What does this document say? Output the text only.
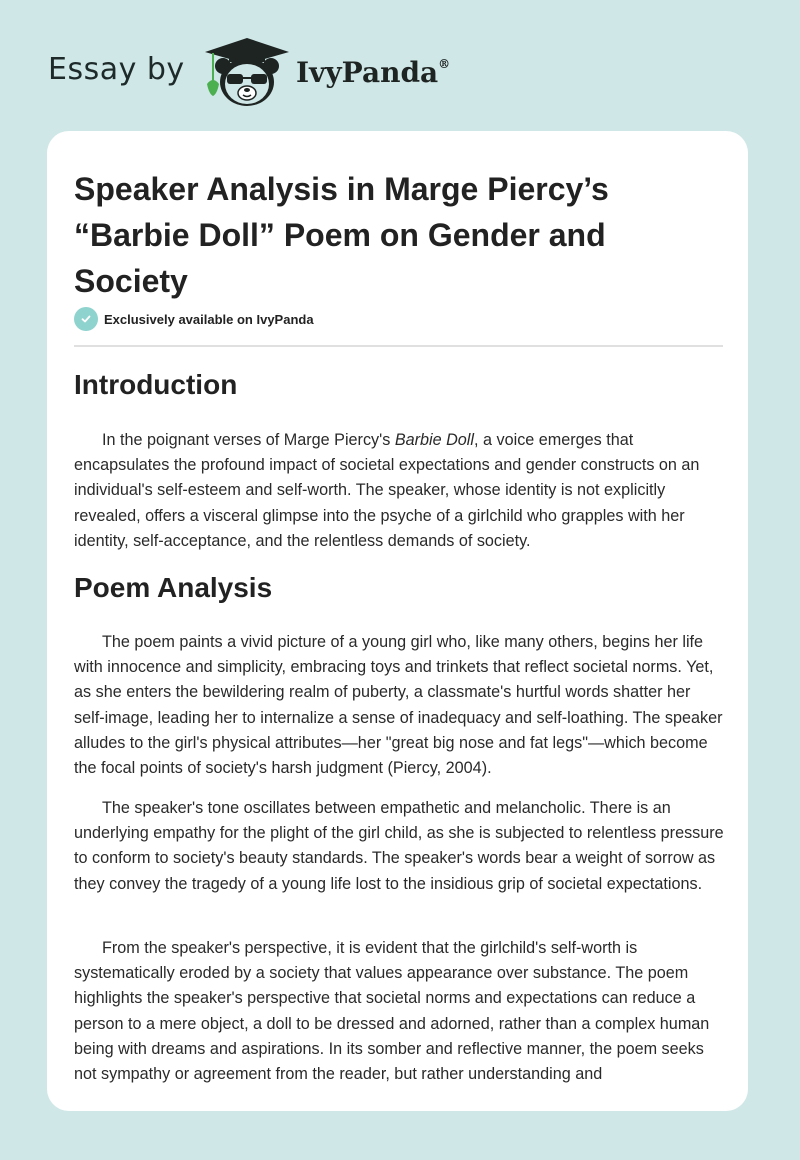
Essay by	IvyPanda®
Speaker Analysis in Marge Piercy’s “Barbie Doll” Poem on Gender and Society
Exclusively available on IvyPanda
Introduction

In the poignant verses of Marge Piercy's Barbie Doll, a voice emerges that encapsulates the profound impact of societal expectations and gender constructs on an individual's self-esteem and self-worth. The speaker, whose identity is not explicitly revealed, offers a visceral glimpse into the psyche of a girlchild who grapples with her identity, self-acceptance, and the relentless demands of society.

Poem Analysis

The poem paints a vivid picture of a young girl who, like many others, begins her life with innocence and simplicity, embracing toys and trinkets that reflect societal norms. Yet, as she enters the bewildering realm of puberty, a classmate's hurtful words shatter her self-image, leading her to internalize a sense of inadequacy and self-loathing. The speaker alludes to the girl's physical attributes—her "great big nose and fat legs"—which become the focal points of society's harsh judgment (Piercy, 2004).

The speaker's tone oscillates between empathetic and melancholic. There is an underlying empathy for the plight of the girl child, as she is subjected to relentless pressure to conform to society's beauty standards. The speaker's words bear a weight of sorrow as they convey the tragedy of a young life lost to the insidious grip of societal expectations.

From the speaker's perspective, it is evident that the girlchild's self-worth is systematically eroded by a society that values appearance over substance. The poem highlights the speaker's perspective that societal norms and expectations can reduce a person to a mere object, a doll to be dressed and adorned, rather than a complex human being with dreams and aspirations. In its somber and reflective manner, the poem seeks not sympathy or agreement from the reader, but rather understanding and
